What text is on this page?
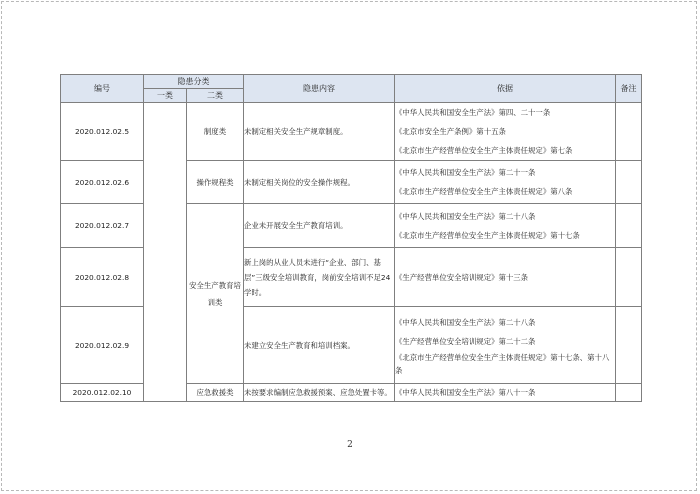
编号	隐患分类		隐患内容	依据	备注
	一类	二类			
2020.012.02.5		制度类	未制定相关安全生产规章制度。	《中华人民共和国安全生产法》第四、二十一条
《北京市安全生产条例》第十五条
《北京市生产经营单位安全生产主体责任规定》第七条	

2020.012.02.6		操作规程类	未制定相关岗位的安全操作规程。	《中华人民共和国安全生产法》第二十一条
《北京市生产经营单位安全生产主体责任规定》第八条	

2020.012.02.7		安全生产教育培训类	企业未开展安全生产教育培训。	《中华人民共和国安全生产法》第二十八条
《北京市生产经营单位安全生产主体责任规定》第十七条	

2020.012.02.8			新上岗的从业人员未进行“企业、部门、基层”三级安全培训教育，岗前安全培训不足24学时。	《生产经营单位安全培训规定》第十三条	

2020.012.02.9			未建立安全生产教育和培训档案。	《中华人民共和国安全生产法》第二十八条
《生产经营单位安全培训规定》第二十二条
《北京市生产经营单位安全生产主体责任规定》第十七条、第十八条	

2020.012.02.10		应急救援类	未按要求编制应急救援预案、应急处置卡等。	《中华人民共和国安全生产法》第八十一条	

2
